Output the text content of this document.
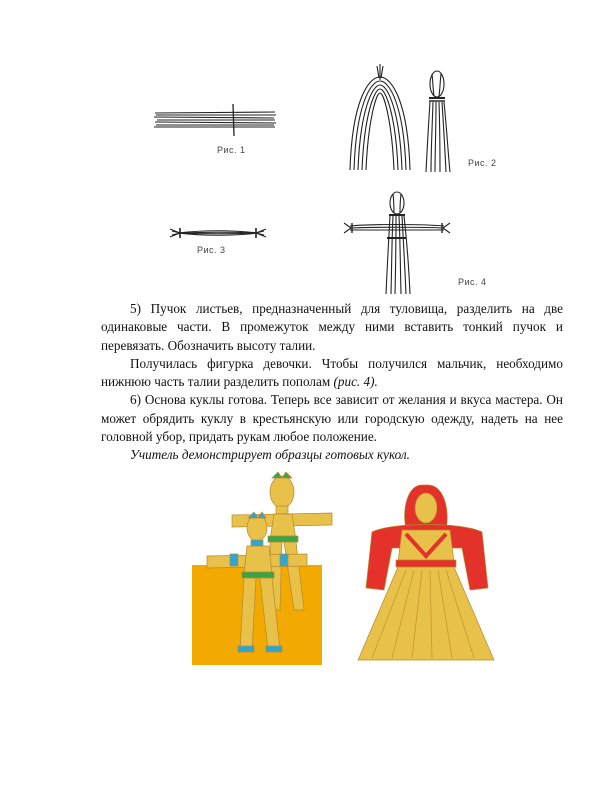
Рис. 1
Рис. 2
Рис. 3
Рис. 4

5) Пучок листьев, предназначенный для туловища, разделить на две одинаковые части. В промежуток между ними вставить тонкий пучок и перевязать. Обозначить высоту талии.

Получилась фигурка девочки. Чтобы получился мальчик, необходимо нижнюю часть талии разделить пополам (рис. 4).

6) Основа куклы готова. Теперь все зависит от желания и вкуса мастера. Он может обрядить куклу в крестьянскую или городскую одежду, надеть на нее головной убор, придать рукам любое положение.

Учитель демонстрирует образцы готовых кукол.
